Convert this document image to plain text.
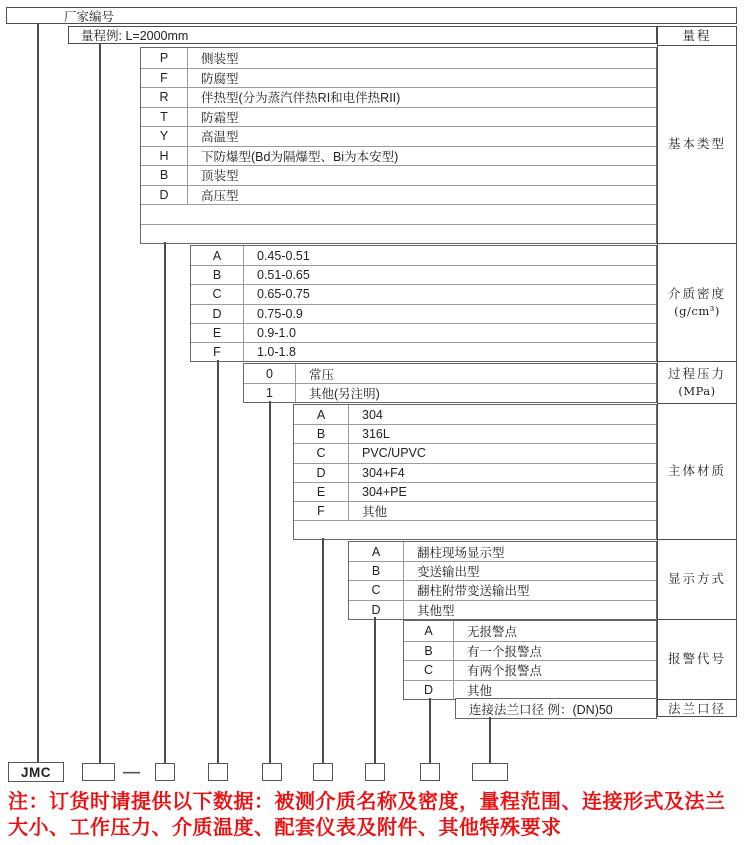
厂家编号
量程例: L=2000mm
P	侧装型
F	防腐型
R	伴热型(分为蒸汽伴热RI和电伴热RII)
T	防霜型
Y	高温型
H	下防爆型(Bd为隔爆型、Bi为本安型)
B	顶装型
D	高压型
A	0.45-0.51
B	0.51-0.65
C	0.65-0.75
D	0.75-0.9
E	0.9-1.0
F	1.0-1.8
0	常压
1	其他(另注明)
A	304
B	316L
C	PVC/UPVC
D	304+F4
E	304+PE
F	其他
A	翻柱现场显示型
B	变送输出型
C	翻柱附带变送输出型
D	其他型
A	无报警点
B	有一个报警点
C	有两个报警点
D	其他
连接法兰口径 例：(DN)50
量程
基本类型
介质密度
(g/cm³)
过程压力
(MPa)
主体材质
显示方式
报警代号
法兰口径
JMC	—
注：订货时请提供以下数据：被测介质名称及密度，量程范围、连接形式及法兰
大小、工作压力、介质温度、配套仪表及附件、其他特殊要求
